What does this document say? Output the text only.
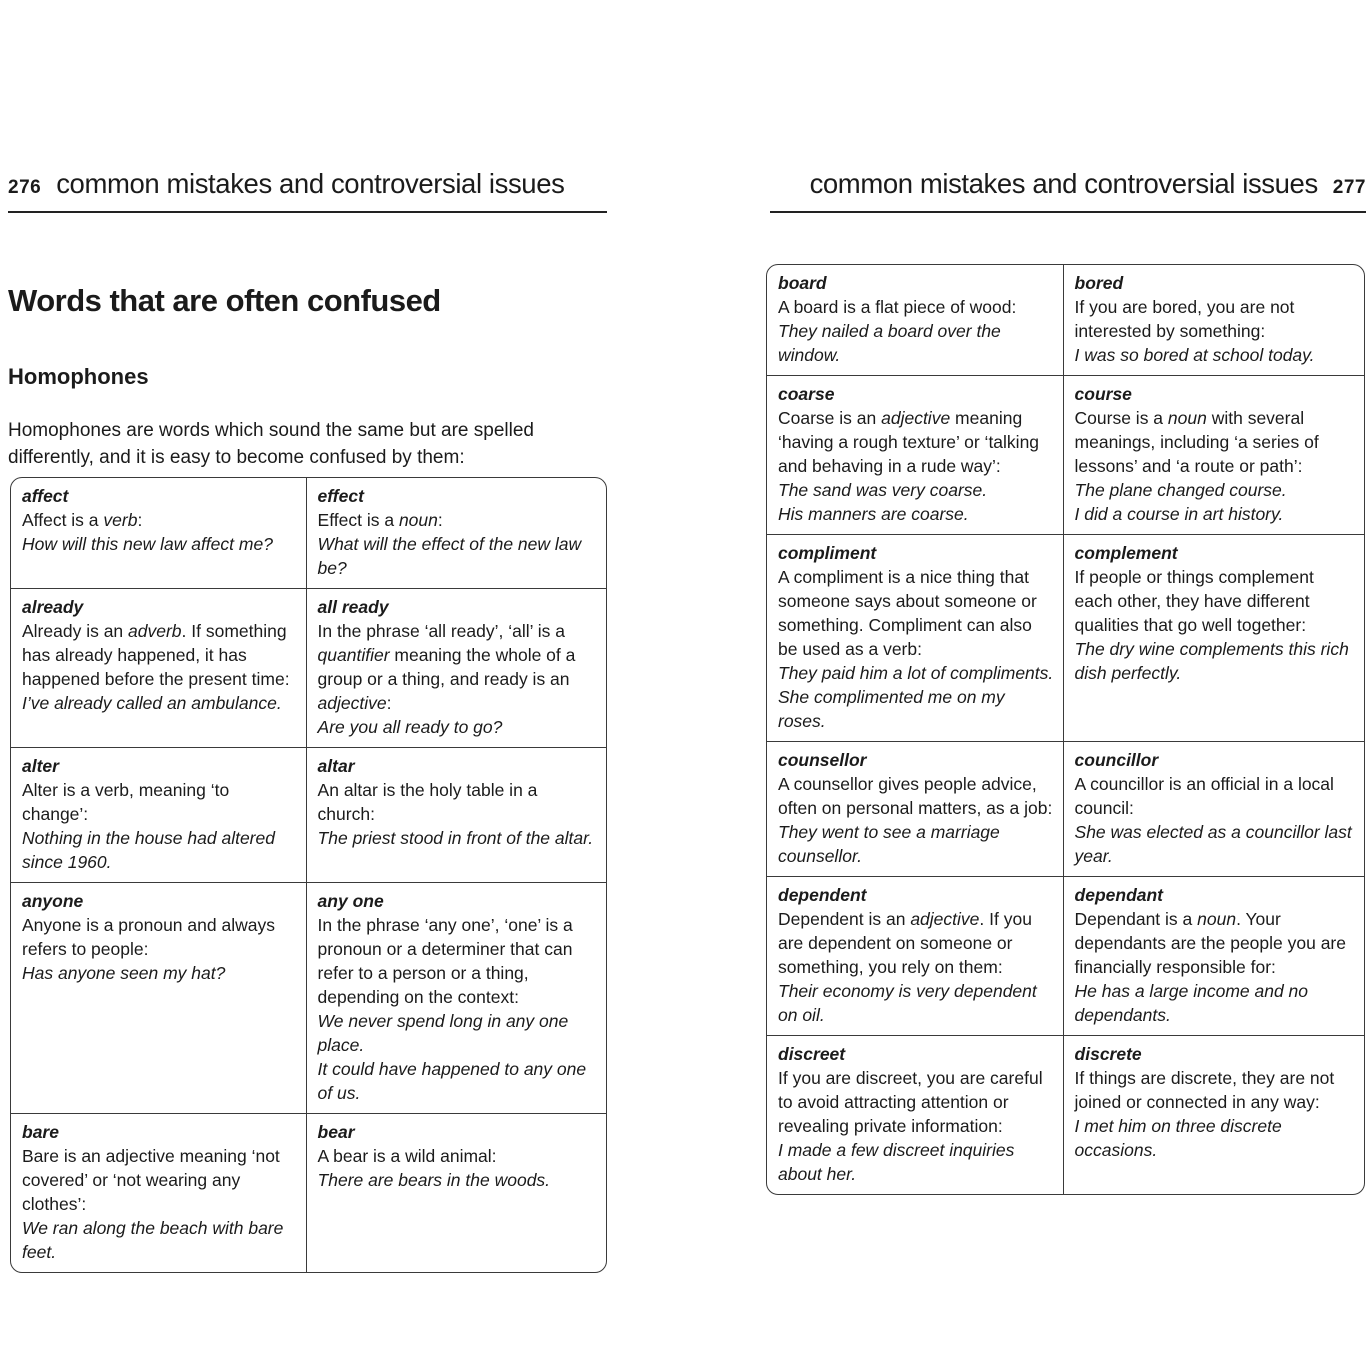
276 common mistakes and controversial issues	common mistakes and controversial issues 277
Words that are often confused
Homophones

Homophones are words which sound the same but are spelled differently, and it is easy to become confused by them:

affect

Affect is a verb:

How will this new law affect me?

effect

Effect is a noun:

What will the effect of the new law be?

already

Already is an adverb. If something has already happened, it has happened before the present time:

I’ve already called an ambulance.

all ready

In the phrase ‘all ready’, ‘all’ is a quantifier meaning the whole of a group or a thing, and ready is an adjective:

Are you all ready to go?

alter

Alter is a verb, meaning ‘to change’:

Nothing in the house had altered since 1960.

altar

An altar is the holy table in a church:

The priest stood in front of the altar.

anyone

Anyone is a pronoun and always refers to people:

Has anyone seen my hat?

any one

In the phrase ‘any one’, ‘one’ is a pronoun or a determiner that can refer to a person or a thing, depending on the context:

We never spend long in any one place.

It could have happened to any one of us.

bare

Bare is an adjective meaning ‘not covered’ or ‘not wearing any clothes’:

We ran along the beach with bare feet.

bear

A bear is a wild animal:

There are bears in the woods.

board

A board is a flat piece of wood:

They nailed a board over the window.

bored

If you are bored, you are not interested by something:

I was so bored at school today.

coarse

Coarse is an adjective meaning ‘having a rough texture’ or ‘talking and behaving in a rude way’:

The sand was very coarse.

His manners are coarse.

course

Course is a noun with several meanings, including ‘a series of lessons’ and ‘a route or path’:

The plane changed course.

I did a course in art history.

compliment

A compliment is a nice thing that someone says about someone or something. Compliment can also be used as a verb:

They paid him a lot of compliments.

She complimented me on my roses.

complement

If people or things complement each other, they have different qualities that go well together:

The dry wine complements this rich dish perfectly.

counsellor

A counsellor gives people advice, often on personal matters, as a job:

They went to see a marriage counsellor.

councillor

A councillor is an official in a local council:

She was elected as a councillor last year.

dependent

Dependent is an adjective. If you are dependent on someone or something, you rely on them:

Their economy is very dependent on oil.

dependant

Dependant is a noun. Your dependants are the people you are financially responsible for:

He has a large income and no dependants.

discreet

If you are discreet, you are careful to avoid attracting attention or revealing private information:

I made a few discreet inquiries about her.

discrete

If things are discrete, they are not joined or connected in any way:

I met him on three discrete occasions.
